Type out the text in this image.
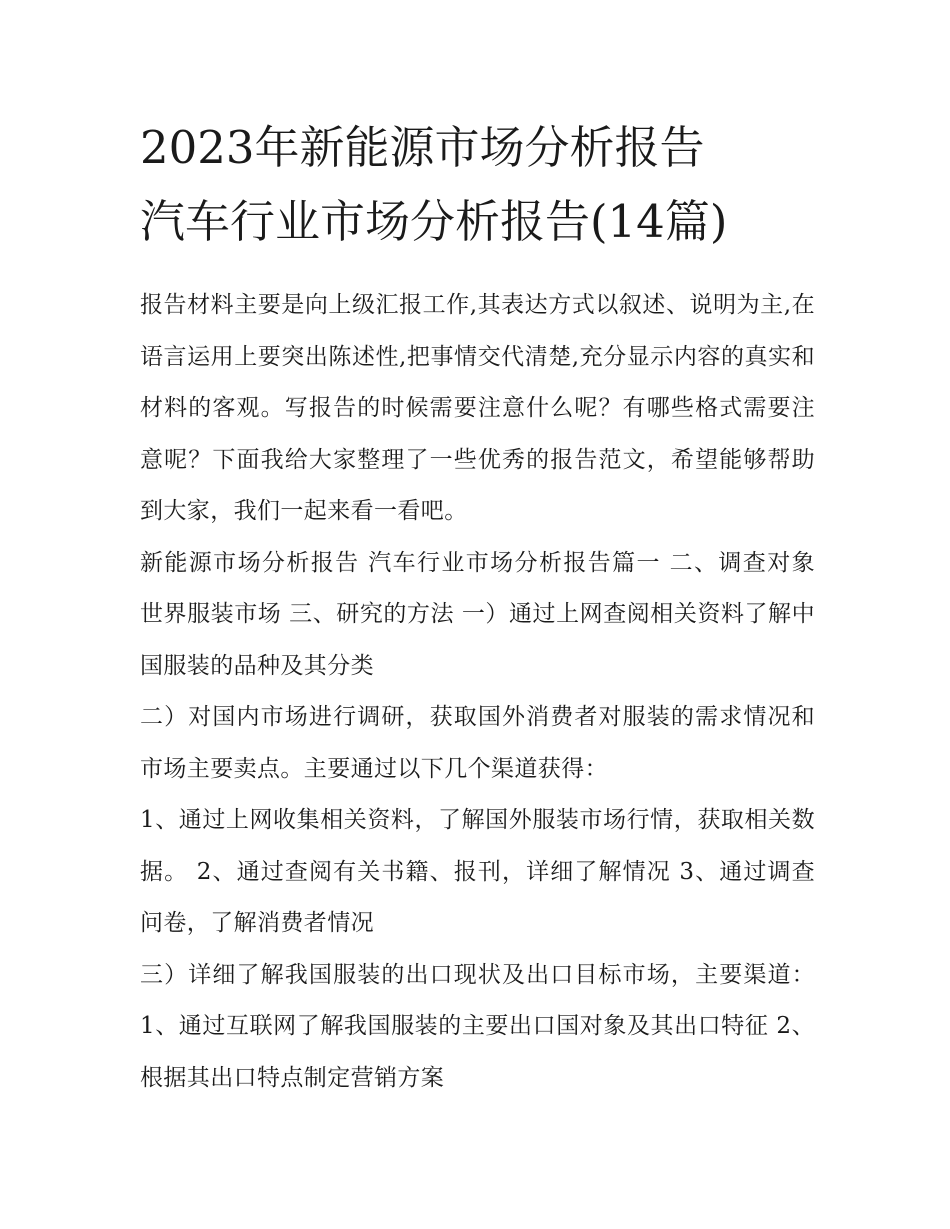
2023年新能源市场分析报告
汽车行业市场分析报告(14篇)

报告材料主要是向上级汇报工作,其表达方式以叙述、说明为主,在语言运用上要突出陈述性,把事情交代清楚,充分显示内容的真实和材料的客观。写报告的时候需要注意什么呢？有哪些格式需要注意呢？下面我给大家整理了一些优秀的报告范文，希望能够帮助到大家，我们一起来看一看吧。

新能源市场分析报告 汽车行业市场分析报告篇一 二、调查对象 世界服装市场 三、研究的方法 一）通过上网查阅相关资料了解中国服装的品种及其分类

二）对国内市场进行调研，获取国外消费者对服装的需求情况和市场主要卖点。主要通过以下几个渠道获得：

1、通过上网收集相关资料，了解国外服装市场行情，获取相关数据。 2、通过查阅有关书籍、报刊，详细了解情况 3、通过调查问卷，了解消费者情况

三）详细了解我国服装的出口现状及出口目标市场，主要渠道： 1、通过互联网了解我国服装的主要出口国对象及其出口特征 2、根据其出口特点制定营销方案
